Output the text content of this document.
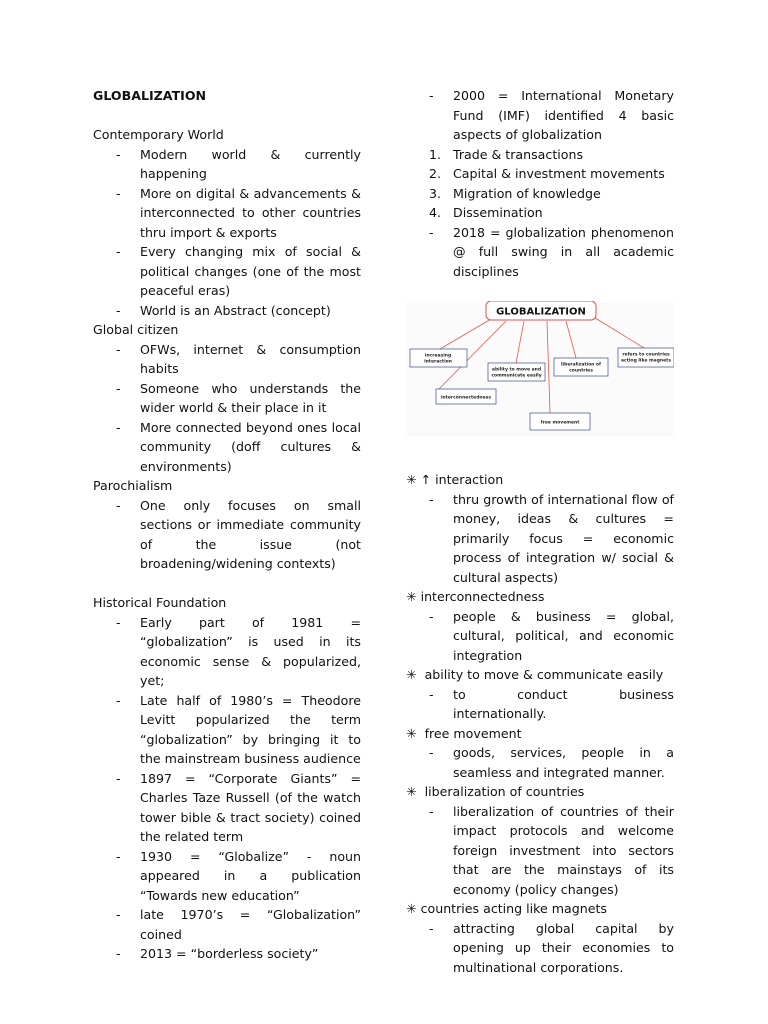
GLOBALIZATION
Contemporary World
- Modern world & currently happening
- More on digital & advancements & interconnected to other countries thru import & exports
- Every changing mix of social & political changes (one of the most peaceful eras)
- World is an Abstract (concept)
Global citizen
- OFWs, internet & consumption habits
- Someone who understands the wider world & their place in it
- More connected beyond ones local community (doff cultures & environments)
Parochialism
- One only focuses on small sections or immediate community of the issue (not broadening/widening contexts)
Historical Foundation
- Early part of 1981 = “globalization” is used in its economic sense & popularized, yet;
- Late half of 1980’s = Theodore Levitt popularized the term “globalization” by bringing it to the mainstream business audience
- 1897 = “Corporate Giants” = Charles Taze Russell (of the watch tower bible & tract society) coined the related term
- 1930 = “Globalize” - noun appeared in a publication “Towards new education”
- late 1970’s = “Globalization” coined
- 2013 = “borderless society”
- 2000 = International Monetary Fund (IMF) identified 4 basic aspects of globalization
1. Trade & transactions
2. Capital & investment movements
3. Migration of knowledge
4. Dissemination
- 2018 = globalization phenomenon @ full swing in all academic disciplines
GLOBALIZATION
increasing
interaction
interconnectedness
ability to move and
communicate easily
free movement
liberalization of
countries
refers to countries
acting like magnets
✳ ↑ interaction
- thru growth of international flow of money, ideas & cultures = primarily focus = economic process of integration w/ social & cultural aspects)
✳ interconnectedness
- people & business = global, cultural, political, and economic integration
✳ ability to move & communicate easily
- to conduct business internationally.
✳ free movement
- goods, services, people in a seamless and integrated manner.
✳ liberalization of countries
- liberalization of countries of their impact protocols and welcome foreign investment into sectors that are the mainstays of its economy (policy changes)
✳ countries acting like magnets
- attracting global capital by opening up their economies to multinational corporations.
